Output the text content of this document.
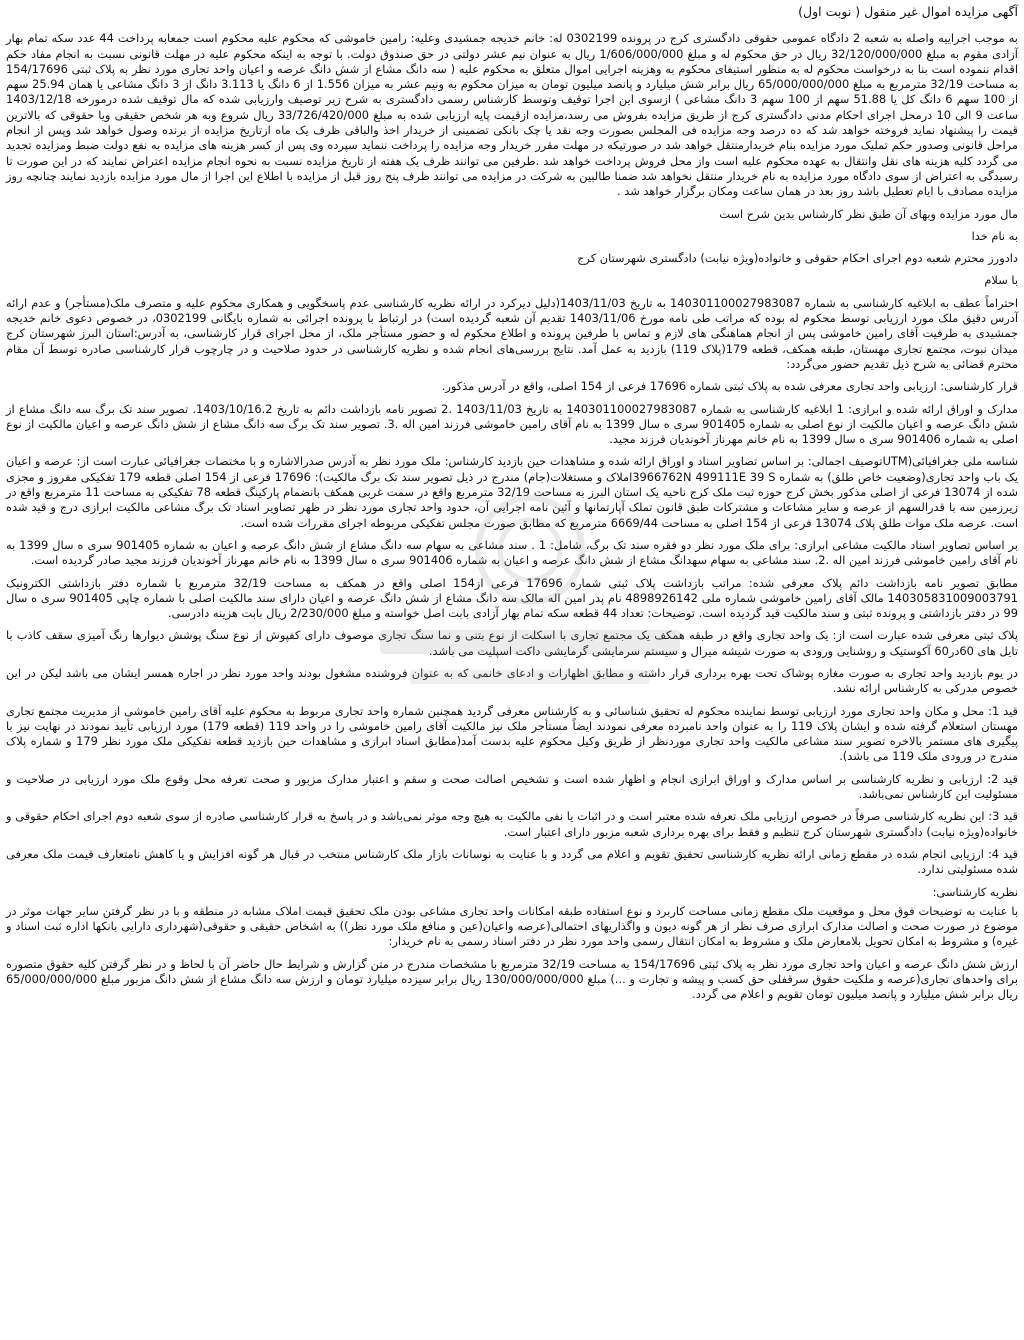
آگهی مزایده اموال غیر منقول ( نوبت اول)
به موجب اجراییه واصله به شعبه 2 دادگاه عمومی حقوقی دادگستری کرج در پرونده 0302199 له: خانم خدیجه جمشیدی وعلیه: رامین خاموشی که محکوم علیه محکوم است جمعابه پرداخت 44 عدد سکه تمام بهار آزادی مقوم به مبلغ 32/120/000/000 ریال در حق محکوم له و مبلغ 1/606/000/000 ریال به عنوان نیم عشر دولتی در حق صندوق دولت. با توجه به اینکه محکوم علیه در مهلت قانونی نسبت به انجام مفاد حکم اقدام ننموده است بنا به درخواست محکوم له به منظور استیفای محکوم به وهزینه اجرایی اموال متعلق به محکوم علیه ( سه دانگ مشاع از شش دانگ عرصه و اعیان واحد تجاری مورد نظر به پلاک ثبتی 154/17696 به مساحت 32/19 مترمربع به مبلغ 65/000/000/000 ریال برابر شش میلیارد و پانصد میلیون تومان به میزان محکوم به ونیم عشر به میزان 1.556 از 6 دانگ یا 3.113 دانگ از 3 دانگ مشاعی یا همان 25.94 سهم از 100 سهم 6 دانگ کل یا 51.88 سهم از 100 سهم 3 دانگ مشاعی ) ازسوی این اجرا توقیف وتوسط کارشناس رسمی دادگستری به شرح زیر توصیف وارزیابی شده که مال توقیف شده درمورخه 1403/12/18 ساعت 9 الی 10 درمحل اجرای احکام مدنی دادگستری کرج از طریق مزایده بفروش می رسد،مزایده ازقیمت پایه ارزیابی شده به مبلغ 33/726/420/000 ریال شروع وبه هر شخص حقیقی ویا حقوقی که بالاترین قیمت را پیشنهاد نماید فروخته خواهد شد که ده درصد وجه مزایده فی المجلس بصورت وجه نقد یا چک بانکی تضمینی از خریدار اخذ والباقی ظرف یک ماه ازتاریخ مزایده از برنده وصول خواهد شد وپس از انجام مراحل قانونی وصدور حکم تملیک مورد مزایده بنام خریدارمنتقل خواهد شد در صورتیکه در مهلت مقرر خریدار وجه مزایده را پرداخت ننماید سپرده وی پس از کسر هزینه های مزایده به نفع دولت ضبط ومزایده تجدید می گردد کلیه هزینه های نقل وانتقال به عهده محکوم علیه است واز محل فروش پرداخت خواهد شد .طرفین می توانند ظرف یک هفته از تاریخ مزایده نسبت به نحوه انجام مزایده اعتراض نمایند که در این صورت تا رسیدگی به اعتراض از سوی دادگاه مورد مزایده به نام خریدار منتقل نخواهد شد ضمنا طالبین به شرکت در مزایده می توانند ظرف پنج روز قبل از مزایده با اطلاع این اجرا از مال مورد مزایده بازدید نمایند چنانچه روز مزایده مصادف با ایام تعطیل باشد روز بعد در همان ساعت ومکان برگزار خواهد شد .
مال مورد مزایده وبهای آن طبق نظر کارشناس بدین شرح است
به نام خدا
دادورز محترم شعبه دوم اجرای احکام حقوقی و خانواده(ویژه نیابت) دادگستری شهرستان کرج
با سلام
احتراماً عطف به ابلاغیه کارشناسی به شماره 140301100027983087 به تاریخ 1403/11/03(دلیل دیرکرد در ارائه نظریه کارشناسی عدم پاسخگویی و همکاری محکوم علیه و متصرف ملک(مستأجر) و عدم ارائه آدرس دقیق ملک مورد ارزیابی توسط محکوم له بوده که مراتب طی نامه مورخ 1403/11/06 تقدیم آن شعبه گردیده است) در ارتباط با پرونده اجرائی به شماره بایگانی 0302199، در خصوص دعوی خانم خدیجه جمشیدی به طرفیت آقای رامین خاموشی پس از انجام هماهنگی های لازم و تماس با طرفین پرونده و اطلاع محکوم له و حضور مستأجر ملک، از محل اجرای قرار کارشناسی، به آدرس:استان البرز شهرستان کرج میدان نبوت، مجتمع تجاری مهستان، طبقه همکف، قطعه 179(پلاک 119) بازدید به عمل آمد. نتایج بررسی‌های انجام شده و نظریه کارشناسی در حدود صلاحیت و در چارچوب قرار کارشناسی صادره توسط آن مقام محترم قضائی به شرح ذیل تقدیم حضور می‌گردد:
قرار کارشناسی: ارزیابی واحد تجاری معرفی شده به پلاک ثبتی شماره 17696 فرعی از 154 اصلی، واقع در آدرس مذکور.
مدارک و اوراق ارائه شده و ابرازی: 1 ابلاغیه کارشناسی به شماره 140301100027983087 به تاریخ 1403/11/03 .2 تصویر نامه بازداشت دائم به تاریخ 1403/10/16.2. تصویر سند تک برگ سه دانگ مشاع از شش دانگ عرصه و اعیان مالکیت از نوع اصلی به شماره 901405 سری ه سال 1399 به نام آقای رامین خاموشی فرزند امین اله .3. تصویر سند تک برگ سه دانگ مشاع از شش دانگ عرصه و اعیان مالکیت از نوع اصلی به شماره 901406 سری ه سال 1399 به نام خانم مهرناز آخوندیان فرزند مجید.
شناسه ملی جغرافیائی(UTMتوصیف اجمالی: بر اساس تصاویر اسناد و اوراق ارائه شده و مشاهدات حین بازدید کارشناس: ملک مورد نظر به آدرس صدرالاشاره و با مختصات جغرافیائی عبارت است از: عرصه و اعیان یک باب واحد تجاری(وضعیت خاص طلق) به شماره 3966762N 499111E 39 Sاملاک و مستغلات(جام) مندرج در ذیل تصویر سند تک برگ مالکیت): 17696 فرعی از 154 اصلی قطعه 179 تفکیکی مفروز و مجزی شده از 13074 فرعی از اصلی مذکور بخش کرج حوزه ثبت ملک کرج ناحیه یک استان البرز به مساحت 32/19 مترمربع واقع در سمت غربی همکف بانضمام پارکینگ قطعه 78 تفکیکی به مساحت 11 مترمربع واقع در زیرزمین سه با قدرالسهم از عرصه و سایر مشاعات و مشترکات طبق قانون تملک آپارتمانها و آئین نامه اجرایی آن، حدود واحد تجاری مورد نظر در ظهر تصاویر اسناد تک برگ مشاعی مالکیت ابرازی درج و قید شده است. عرصه ملک موات طلق پلاک 13074 فرعی از 154 اصلی به مساحت 6669/44 مترمربع که مطابق صورت مجلس تفکیکی مربوطه اجرای مقررات شده است.
بر اساس تصاویر اسناد مالکیت مشاعی ابرازی: برای ملک مورد نظر دو فقره سند تک برگ، شامل: 1 . سند مشاعی به سهام سه دانگ مشاع از شش دانگ عرصه و اعیان به شماره 901405 سری ه سال 1399 به نام آقای رامین خاموشی فرزند امین اله .2. سند مشاعی به سهام سهدانگ مشاع از شش دانگ عرصه و اعیان به شماره 901406 سری ه سال 1399 به نام خانم مهرناز آخوندیان فرزند مجید صادر گردیده است.
مطابق تصویر نامه بازداشت دائم پلاک معرفی شده: مراتب بازداشت پلاک ثبتی شماره 17696 فرعی از154 اصلی واقع در همکف به مساحت 32/19 مترمربع با شماره دفتر بازداشتی الکترونیک 140305831009003791 مالک آقای رامین خاموشی شماره ملی 4898926142 نام پدر امین اله مالک سه دانگ مشاع از شش دانگ عرصه و اعیان دارای سند مالکیت اصلی با شماره چاپی 901405 سری ه سال 99 در دفتر بازداشتی و پرونده ثبتی و سند مالکیت قید گردیده است. توضیحات: تعداد 44 قطعه سکه تمام بهار آزادی بابت اصل خواسته و مبلغ 2/230/000 ریال بابت هزینه دادرسی.
پلاک ثبتی معرفی شده عبارت است از: یک واحد تجاری واقع در طبقه همکف یک مجتمع تجاری با اسکلت از نوع بتنی و نما سنگ تجاری موصوف دارای کفپوش از نوع سنگ پوشش دیوارها رنگ آمیزی سقف کاذب با تایل های 60در60 آکوستیک و روشنایی ورودی به صورت شیشه میرال و سیستم سرمایشی گرمایشی داکت اسپلیت می باشد.
در یوم بازدید واحد تجاری به صورت مغازه پوشاک تحت بهره برداری قرار داشته و مطابق اظهارات و ادعای خانمی که به عنوان فروشنده مشغول بودند واحد مورد نظر در اجاره همسر ایشان می باشد لیکن در این خصوص مدرکی به کارشناس ارائه نشد.
قید 1: محل و مکان واحد تجاری مورد ارزیابی توسط نماینده محکوم له تحقیق شناسائی و به کارشناس معرفی گردید همچنین شماره واحد تجاری مربوط به محکوم علیه آقای رامین خاموشی از مدیریت مجتمع تجاری مهستان استعلام گرفته شده و ایشان پلاک 119 را به عنوان واحد نامبرده معرفی نمودند ایضاً مستأجر ملک نیز مالکیت آقای رامین خاموشی را در واحد 119 (قطعه 179) مورد ارزیابی تأیید نمودند در نهایت نیز با پیگیری های مستمر بالاخره تصویر سند مشاعی مالکیت واحد تجاری موردنظر از طریق وکیل محکوم علیه بدست آمد(مطابق اسناد ابرازی و مشاهدات حین بازدید قطعه تفکیکی ملک مورد نظر 179 و شماره پلاک مندرج در ورودی ملک 119 می باشد).
قید 2: ارزیابی و نظریه کارشناسی بر اساس مدارک و اوراق ابرازی انجام و اظهار شده است و تشخیص اصالت صحت و سقم و اعتبار مدارک مزبور و صحت تعرفه محل وقوع ملک مورد ارزیابی در صلاحیت و مسئولیت این کارشناس نمی‌باشد.
قید 3: این نظریه کارشناسی صرفاً در خصوص ارزیابی ملک تعرفه شده معتبر است و در اثبات یا نفی مالکیت به هیچ وجه موثر نمی‌باشد و در پاسخ به قرار کارشناسی صادره از سوی شعبه دوم اجرای احکام حقوقی و خانواده(ویژه نیابت) دادگستری شهرستان کرج تنظیم و فقط برای بهره برداری شعبه مزبور دارای اعتبار است.
قید 4: ارزیابی انجام شده در مقطع زمانی ارائه نظریه کارشناسی تحقیق تقویم و اعلام می گردد و با عنایت به نوسانات بازار ملک کارشناس منتخب در قبال هر گونه افزایش و یا کاهش نامتعارف قیمت ملک معرفی شده مسئولیتی ندارد.
نظریه کارشناسی:
با عنایت به توضیحات فوق محل و موقعیت ملک مقطع زمانی مساحت کاربرد و نوع استفاده طبقه امکانات واحد تجاری مشاعی بودن ملک تحقیق قیمت املاک مشابه در منطقه و با در نظر گرفتن سایر جهات موثر در موضوع در صورت صحت و اصالت مدارک ابرازی صرف نظر از هر گونه دیون و واگذاریهای احتمالی(عرصه واعیان(عین و منافع ملک مورد نظر)) به اشخاص حقیقی و حقوقی(شهرداری دارایی بانکها اداره ثبت اسناد و غیره) و مشروط به امکان تحویل بلامعارض ملک و مشروط به امکان انتقال رسمی واحد مورد نظر در دفتر اسناد رسمی به نام خریدار:
ارزش شش دانگ عرصه و اعیان واحد تجاری مورد نظر به پلاک ثبتی 154/17696 به مساحت 32/19 مترمربع با مشخصات مندرج در متن گزارش و شرایط حال حاضر آن با لحاظ و در نظر گرفتن کلیه حقوق متصوره برای واحدهای تجاری(عرصه و ملکیت حقوق سرقفلی حق کسب و پیشه و تجارت و ...) مبلغ 130/000/000/000 ریال برابر سیزده میلیارد تومان و ارزش سه دانگ مشاع از شش دانگ مزبور مبلغ 65/000/000/000 ریال برابر شش میلیارد و پانصد میلیون تومان تقویم و اعلام می گردد.
